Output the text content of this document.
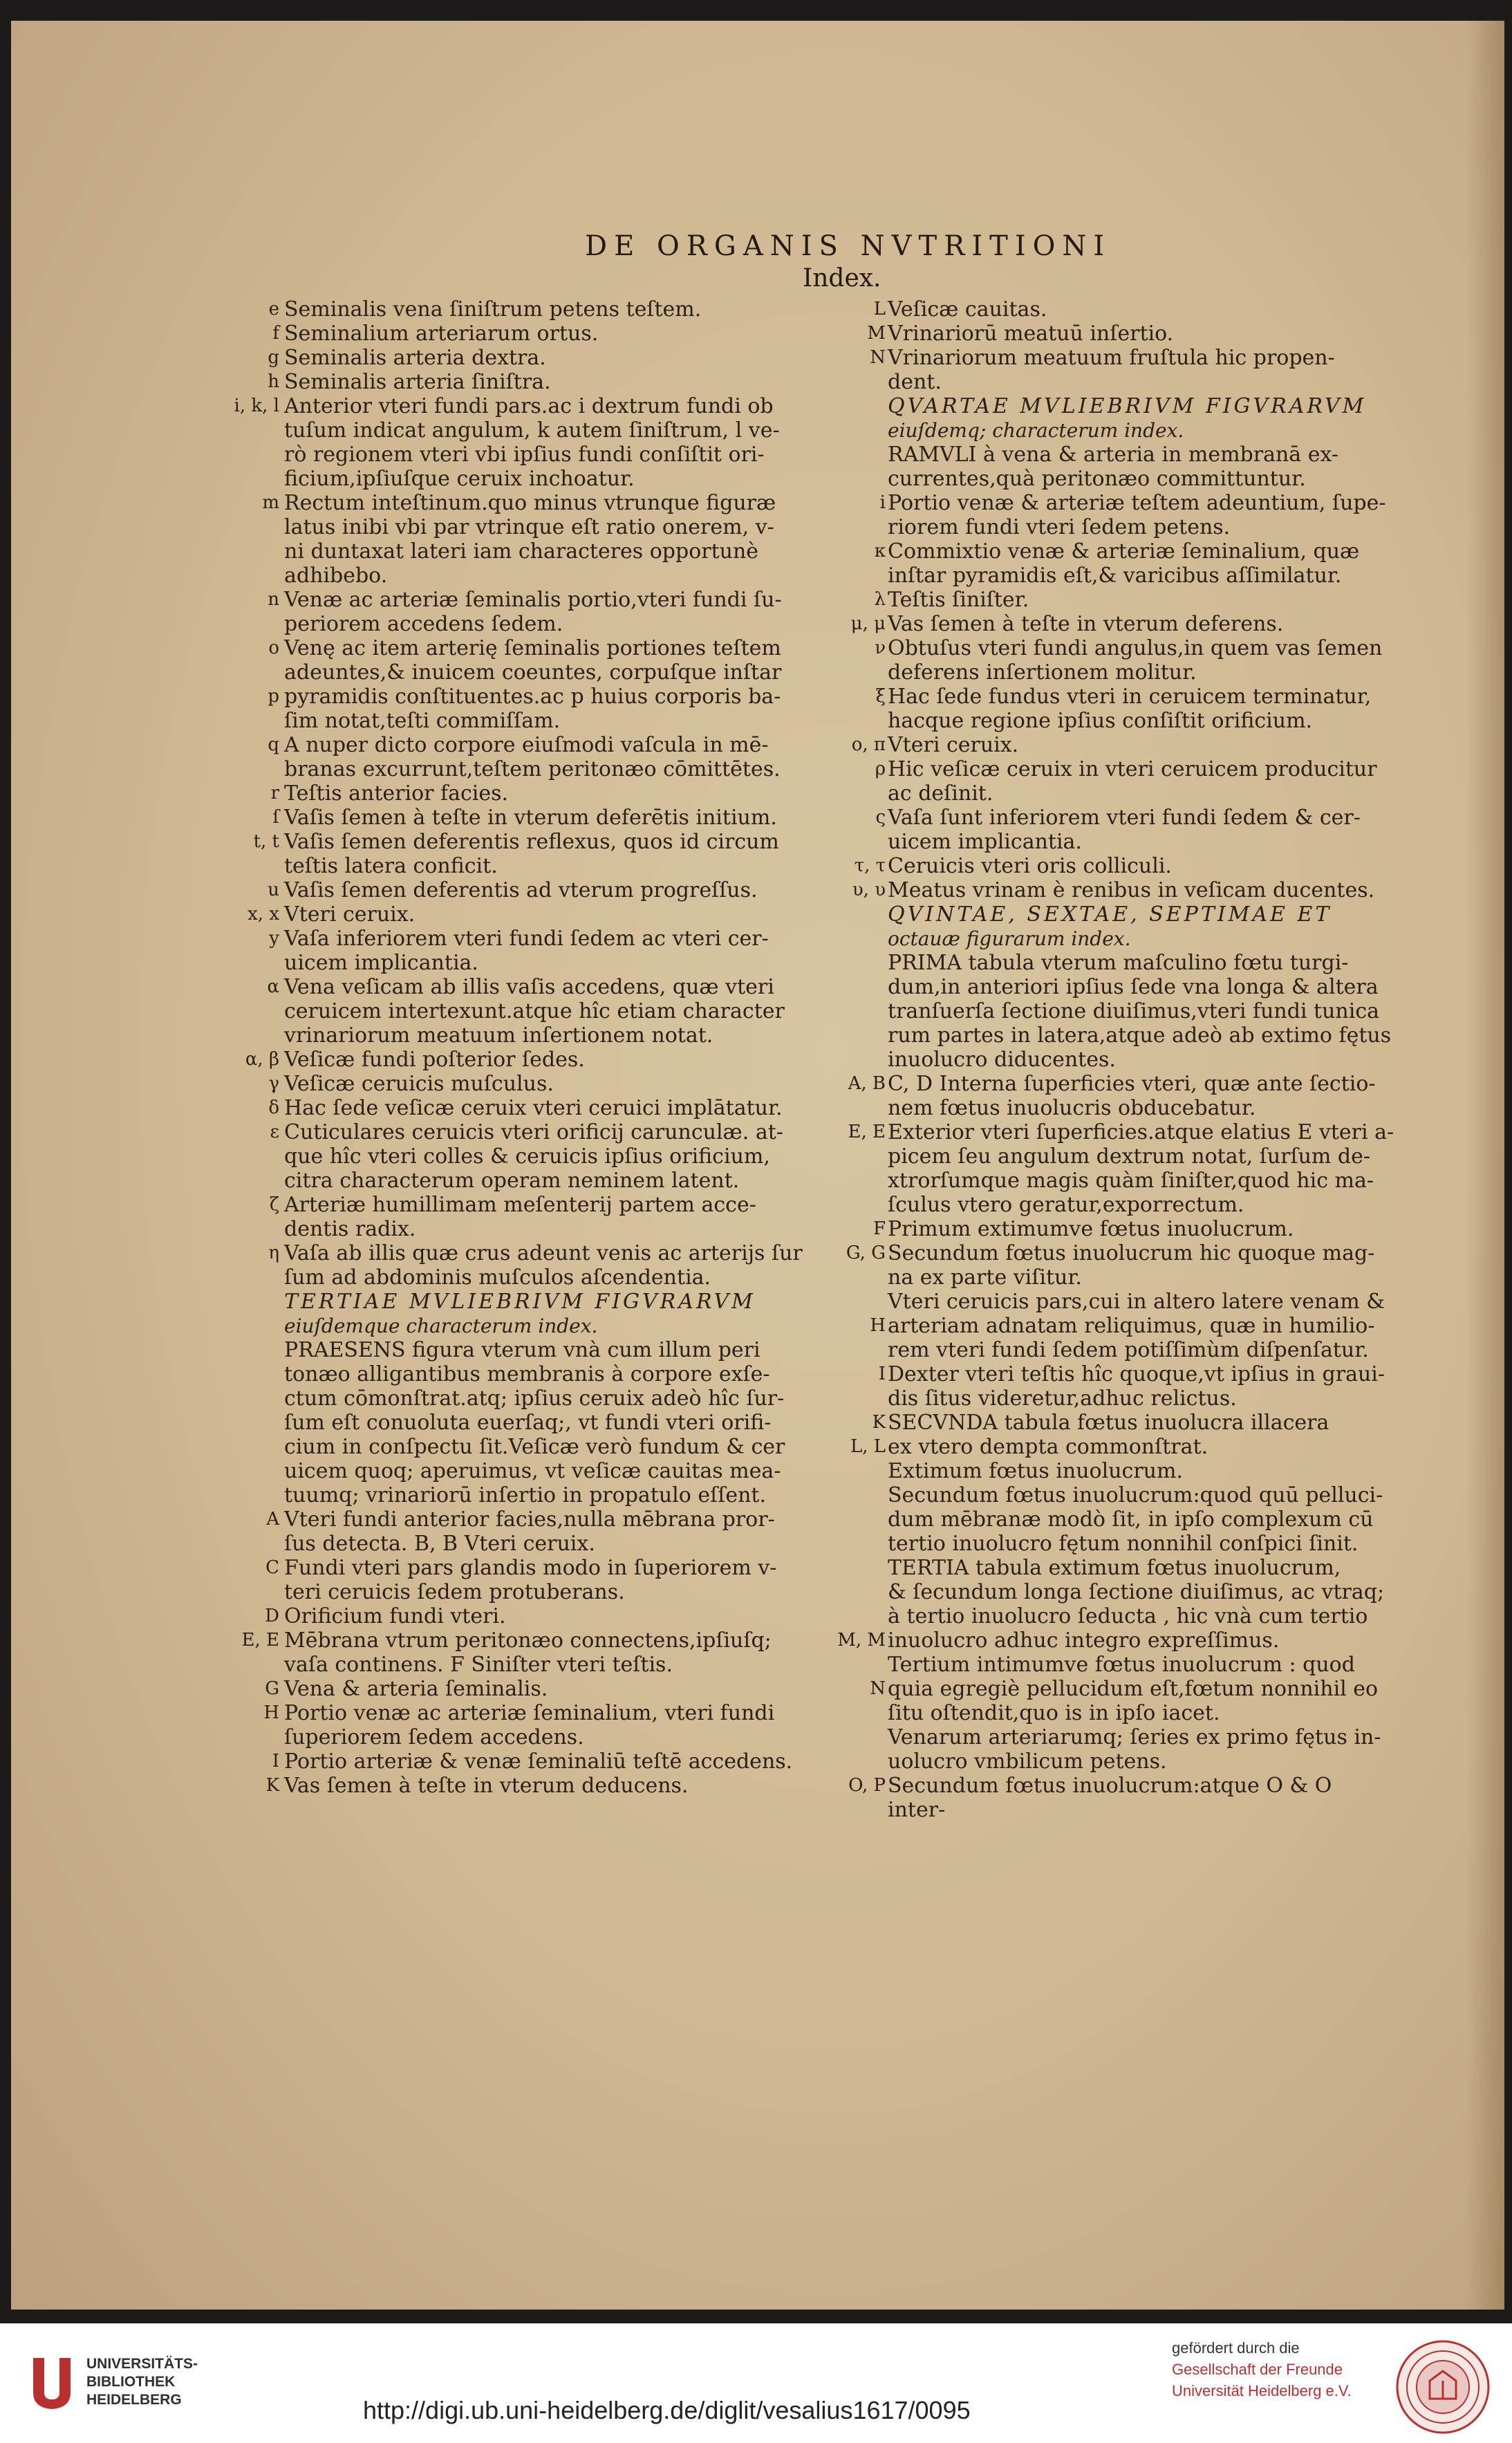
DE ORGANIS NVTRITIONI
Index.
e Seminalis vena ſiniſtrum petens teſtem.
f Seminalium arteriarum ortus.
g Seminalis arteria dextra.
h Seminalis arteria ſiniſtra.
i, k, l Anterior vteri fundi pars.ac i dextrum fundi ob
tuſum indicat angulum, k autem ſiniſtrum, l ve-
rò regionem vteri vbi ipſius fundi conſiſtit ori-
ficium,ipſiuſque ceruix inchoatur.
m Rectum inteſtinum.quo minus vtrunque figuræ
latus inibi vbi par vtrinque eſt ratio onerem, v-
ni duntaxat lateri iam characteres opportunè
adhibebo.
n Venæ ac arteriæ ſeminalis portio,vteri fundi ſu-
periorem accedens ſedem.
o Venę ac item arterię ſeminalis portiones teſtem
adeuntes,& inuicem coeuntes, corpuſque inſtar
p pyramidis conſtituentes.ac p huius corporis ba-
ſim notat,teſti commiſſam.
q A nuper dicto corpore eiuſmodi vaſcula in mē-
branas excurrunt,teſtem peritonæo cōmittētes.
r Teſtis anterior facies.
ſ Vaſis ſemen à teſte in vterum deferētis initium.
t, t Vaſis ſemen deferentis reflexus, quos id circum
teſtis latera conficit.
u Vaſis ſemen deferentis ad vterum progreſſus.
x, x Vteri ceruix.
y Vaſa inferiorem vteri fundi ſedem ac vteri cer-
uicem implicantia.
α Vena veſicam ab illis vaſis accedens, quæ vteri
ceruicem intertexunt.atque hîc etiam character
vrinariorum meatuum inſertionem notat.
α, β Veſicæ fundi poſterior ſedes.
γ Veſicæ ceruicis muſculus.
δ Hac ſede veſicæ ceruix vteri ceruici implātatur.
ε Cuticulares ceruicis vteri orificij carunculæ. at-
que hîc vteri colles & ceruicis ipſius orificium,
citra characterum operam neminem latent.
ζ Arteriæ humillimam meſenterij partem acce-
dentis radix.
η Vaſa ab illis quæ crus adeunt venis ac arterijs ſur
ſum ad abdominis muſculos aſcendentia.
TERTIAE MVLIEBRIVM FIGVRARVM
eiuſdemque characterum index.
PRAESENS figura vterum vnà cum illum peri
tonæo alligantibus membranis à corpore exſe-
ctum cōmonſtrat.atq; ipſius ceruix adeò hîc ſur-
ſum eſt conuoluta euerſaq;, vt fundi vteri orifi-
cium in conſpectu ſit.Veſicæ verò fundum & cer
uicem quoq; aperuimus, vt veſicæ cauitas mea-
tuumq; vrinariorū inſertio in propatulo eſſent.
A Vteri fundi anterior facies,nulla mēbrana pror-
ſus detecta. B, B Vteri ceruix.
C Fundi vteri pars glandis modo in ſuperiorem v-
teri ceruicis ſedem protuberans.
D Orificium fundi vteri.
E, E Mēbrana vtrum peritonæo connectens,ipſiuſq;
vaſa continens. F Siniſter vteri teſtis.
G Vena & arteria ſeminalis.
H Portio venæ ac arteriæ ſeminalium, vteri fundi
ſuperiorem ſedem accedens.
I Portio arteriæ & venæ ſeminaliū teſtē accedens.
K Vas ſemen à teſte in vterum deducens.
L Veſicæ cauitas.
M Vrinariorū meatuū inſertio.
N Vrinariorum meatuum fruſtula hic propen-
dent.
QVARTAE MVLIEBRIVM FIGVRARVM
eiuſdemq; characterum index.
RAMVLI à vena & arteria in membranā ex-
currentes,quà peritonæo committuntur.
i Portio venæ & arteriæ teſtem adeuntium, ſupe-
riorem fundi vteri ſedem petens.
κ Commixtio venæ & arteriæ ſeminalium, quæ
inſtar pyramidis eſt,& varicibus aſſimilatur.
λ Teſtis ſiniſter.
μ, μ Vas ſemen à teſte in vterum deferens.
ν Obtuſus vteri fundi angulus,in quem vas ſemen
deferens inſertionem molitur.
ξ Hac ſede fundus vteri in ceruicem terminatur,
hacque regione ipſius conſiſtit orificium.
o, π Vteri ceruix.
ρ Hic veſicæ ceruix in vteri ceruicem producitur
ac deſinit.
ς Vaſa ſunt inferiorem vteri fundi ſedem & cer-
uicem implicantia.
τ, τ Ceruicis vteri oris colliculi.
υ, υ Meatus vrinam è renibus in veſicam ducentes.
QVINTAE, SEXTAE, SEPTIMAE ET
octauæ figurarum index.
PRIMA tabula vterum maſculino fœtu turgi-
dum,in anteriori ipſius ſede vna longa & altera
tranſuerſa ſectione diuiſimus,vteri fundi tunica
rum partes in latera,atque adeò ab extimo fętus
inuolucro diducentes.
A, B C, D Interna ſuperficies vteri, quæ ante ſectio-
nem fœtus inuolucris obducebatur.
E, E Exterior vteri ſuperficies.atque elatius E vteri a-
picem ſeu angulum dextrum notat, ſurſum de-
xtrorſumque magis quàm ſiniſter,quod hic ma-
ſculus vtero geratur,exporrectum.
F Primum extimumve fœtus inuolucrum.
G, G Secundum fœtus inuolucrum hic quoque mag-
na ex parte viſitur.
Vteri ceruicis pars,cui in altero latere venam &
H arteriam adnatam reliquimus, quæ in humilio-
rem vteri fundi ſedem potiſſimùm diſpenſatur.
I Dexter vteri teſtis hîc quoque,vt ipſius in graui-
dis ſitus videretur,adhuc relictus.
K SECVNDA tabula fœtus inuolucra illacera
L, L ex vtero dempta commonſtrat.
Extimum fœtus inuolucrum.
Secundum fœtus inuolucrum:quod quū pelluci-
dum mēbranæ modò ſit, in ipſo complexum cū
tertio inuolucro fętum nonnihil conſpici ſinit.
TERTIA tabula extimum fœtus inuolucrum,
& ſecundum longa ſectione diuiſimus, ac vtraq;
à tertio inuolucro ſeducta , hic vnà cum tertio
M, M inuolucro adhuc integro expreſſimus.
Tertium intimumve fœtus inuolucrum : quod
N quia egregiè pellucidum eſt,fœtum nonnihil eo
ſitu oſtendit,quo is in ipſo iacet.
Venarum arteriarumq; ſeries ex primo fętus in-
uolucro vmbilicum petens.
O, P Secundum fœtus inuolucrum:atque O & O
inter-
UNIVERSITÄTS-
BIBLIOTHEK
HEIDELBERG	http://digi.ub.uni-heidelberg.de/diglit/vesalius1617/0095
gefördert durch die
Gesellschaft der Freunde
Universität Heidelberg e.V.
